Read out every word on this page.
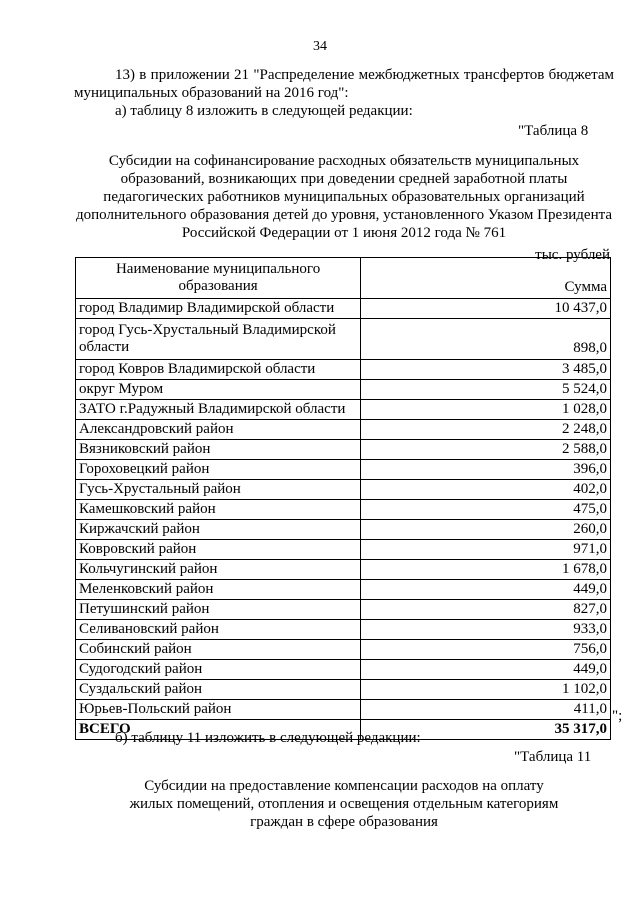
34
13) в приложении 21 "Распределение межбюджетных трансфертов бюджетам муниципальных образований на 2016 год":
а) таблицу 8 изложить в следующей редакции:
"Таблица 8
Субсидии на софинансирование расходных обязательств муниципальных образований, возникающих при доведении средней заработной платы педагогических работников муниципальных образовательных организаций дополнительного образования детей до уровня, установленного Указом Президента Российской Федерации от 1 июня 2012 года № 761
тыс. рублей
Наименование муниципального образования	Сумма
город Владимир Владимирской области	10 437,0
город Гусь-Хрустальный Владимирской области	898,0
город Ковров Владимирской области	3 485,0
округ Муром	5 524,0
ЗАТО г.Радужный Владимирской области	1 028,0
Александровский район	2 248,0
Вязниковский район	2 588,0
Гороховецкий район	396,0
Гусь-Хрустальный район	402,0
Камешковский район	475,0
Киржачский район	260,0
Ковровский район	971,0
Кольчугинский район	1 678,0
Меленковский район	449,0
Петушинский район	827,0
Селивановский район	933,0
Собинский район	756,0
Судогодский район	449,0
Суздальский район	1 102,0
Юрьев-Польский район	411,0
ВСЕГО	35 317,0
";
б) таблицу 11 изложить в следующей редакции:
"Таблица 11
Субсидии на предоставление компенсации расходов на оплату
жилых помещений, отопления и освещения отдельным категориям
граждан в сфере образования
